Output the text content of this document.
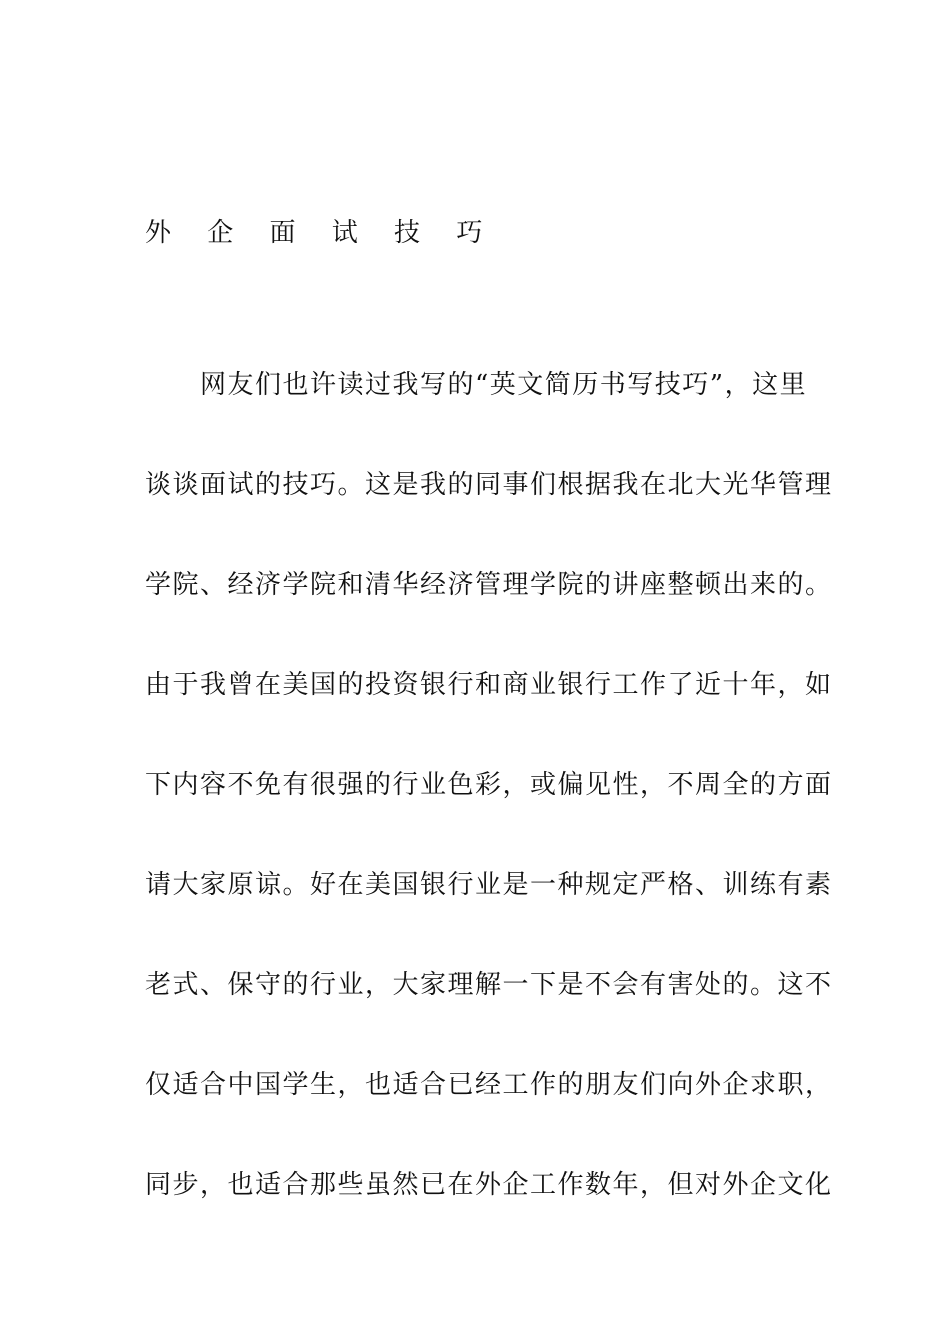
外 企 面 试 技 巧

网友们也许读过我写的“英文简历书写技巧”，这里

谈谈面试的技巧。这是我的同事们根据我在北大光华管理

学院、经济学院和清华经济管理学院的讲座整顿出来的。

由于我曾在美国的投资银行和商业银行工作了近十年，如

下内容不免有很强的行业色彩，或偏见性，不周全的方面

请大家原谅。好在美国银行业是一种规定严格、训练有素

老式、保守的行业，大家理解一下是不会有害处的。这不

仅适合中国学生，也适合已经工作的朋友们向外企求职，

同步，也适合那些虽然已在外企工作数年，但对外企文化
